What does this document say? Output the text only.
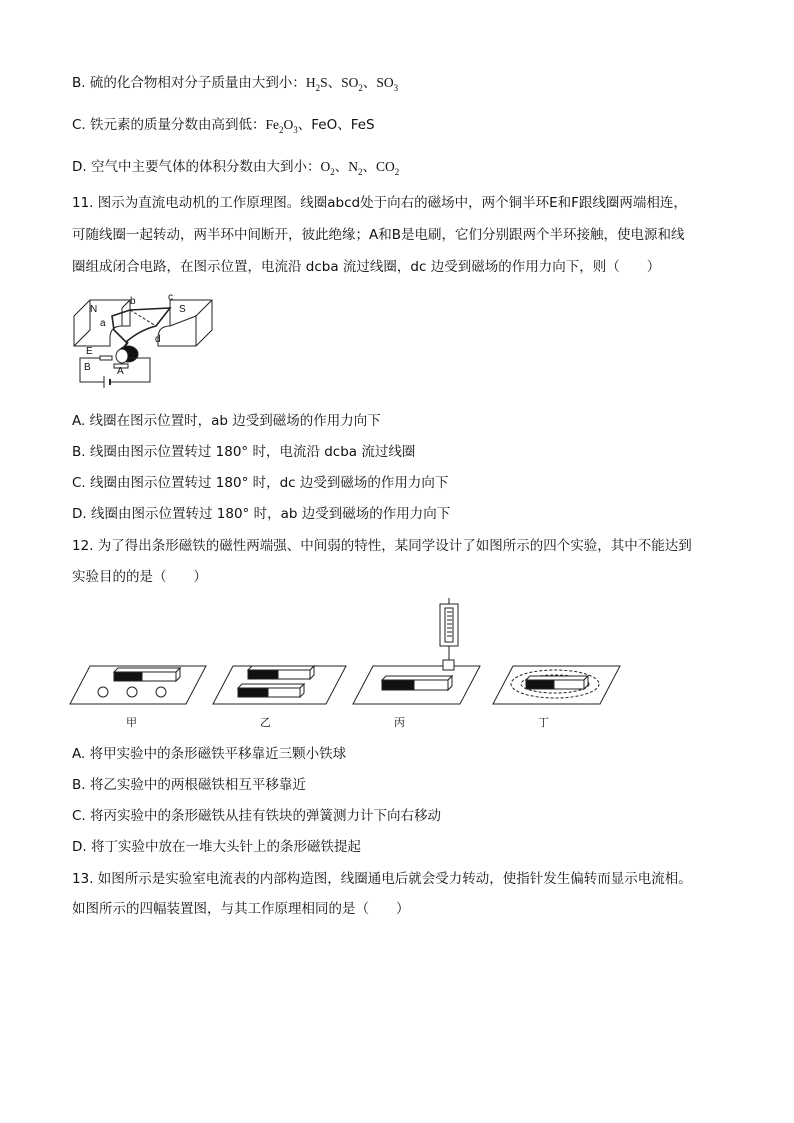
B. 硫的化合物相对分子质量由大到小：$H_2S$、$SO_2$、$SO_3$
C. 铁元素的质量分数由高到低：$Fe_2O_3$、FeO、FeS
D. 空气中主要气体的体积分数由大到小：$O_2$、$N_2$、$CO_2$
11. 图示为直流电动机的工作原理图。线圈abcd处于向右的磁场中，两个铜半环E和F跟线圈两端相连，
可随线圈一起转动，两半环中间断开，彼此绝缘；A和B是电刷，它们分别跟两个半环接触，使电源和线
圈组成闭合电路，在图示位置，电流沿 dcba 流过线圈，dc 边受到磁场的作用力向下，则（　　）
N	S
a
b	c
d
E	F
B	A
A. 线圈在图示位置时，ab 边受到磁场的作用力向下
B. 线圈由图示位置转过 180° 时，电流沿 dcba 流过线圈
C. 线圈由图示位置转过 180° 时，dc 边受到磁场的作用力向下
D. 线圈由图示位置转过 180° 时，ab 边受到磁场的作用力向下
12. 为了得出条形磁铁的磁性两端强、中间弱的特性，某同学设计了如图所示的四个实验，其中不能达到
实验目的的是（　　）
甲	乙	丙	丁
A. 将甲实验中的条形磁铁平移靠近三颗小铁球
B. 将乙实验中的两根磁铁相互平移靠近
C. 将丙实验中的条形磁铁从挂有铁块的弹簧测力计下向右移动
D. 将丁实验中放在一堆大头针上的条形磁铁提起
13. 如图所示是实验室电流表的内部构造图，线圈通电后就会受力转动，使指针发生偏转而显示电流相。
如图所示的四幅装置图，与其工作原理相同的是（　　）
